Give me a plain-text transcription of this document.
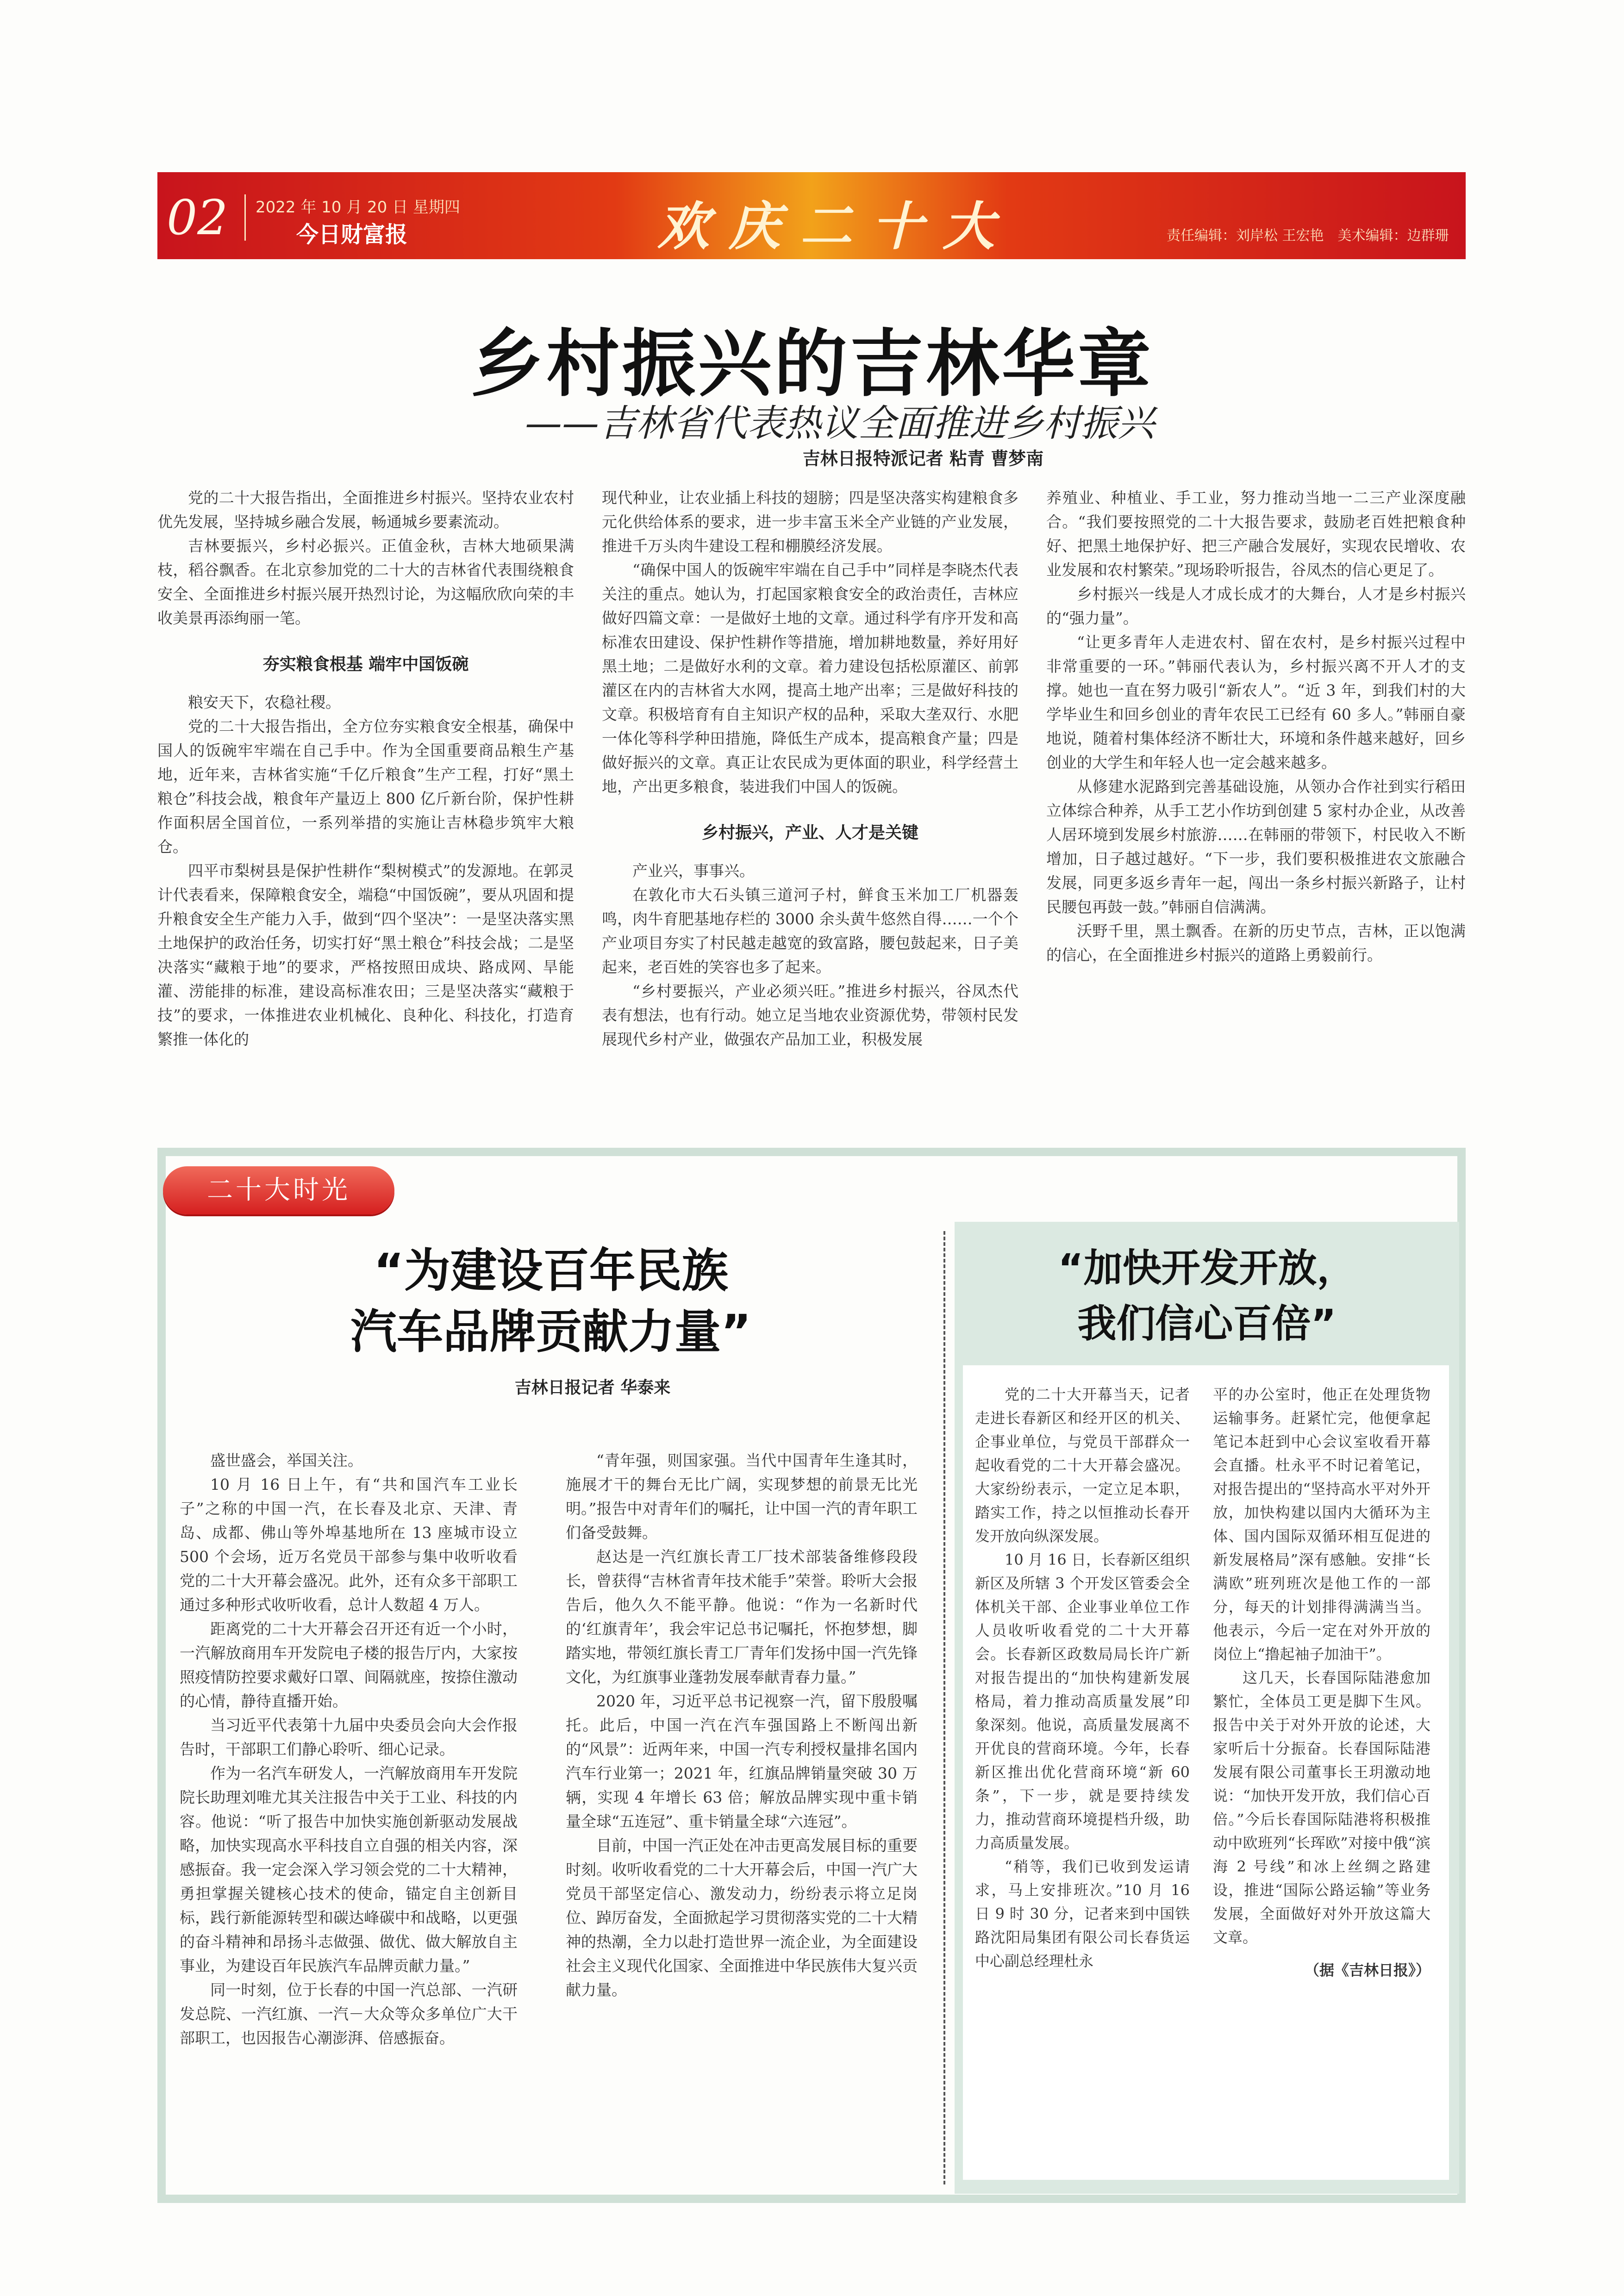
02 2022 年 10 月 20 日 星期四
今日财富报	欢庆二十大	责任编辑：刘岸松 王宏艳　美术编辑：边群珊
乡村振兴的吉林华章
——吉林省代表热议全面推进乡村振兴
吉林日报特派记者 粘青 曹梦南

党的二十大报告指出，全面推进乡村振兴。坚持农业农村优先发展，坚持城乡融合发展，畅通城乡要素流动。

吉林要振兴，乡村必振兴。正值金秋，吉林大地硕果满枝，稻谷飘香。在北京参加党的二十大的吉林省代表围绕粮食安全、全面推进乡村振兴展开热烈讨论，为这幅欣欣向荣的丰收美景再添绚丽一笔。

夯实粮食根基 端牢中国饭碗

粮安天下，农稳社稷。

党的二十大报告指出，全方位夯实粮食安全根基，确保中国人的饭碗牢牢端在自己手中。作为全国重要商品粮生产基地，近年来，吉林省实施“千亿斤粮食”生产工程，打好“黑土粮仓”科技会战，粮食年产量迈上 800 亿斤新台阶，保护性耕作面积居全国首位，一系列举措的实施让吉林稳步筑牢大粮仓。

四平市梨树县是保护性耕作“梨树模式”的发源地。在郭灵计代表看来，保障粮食安全，端稳“中国饭碗”，要从巩固和提升粮食安全生产能力入手，做到“四个坚决”：一是坚决落实黑土地保护的政治任务，切实打好“黑土粮仓”科技会战；二是坚决落实“藏粮于地”的要求，严格按照田成块、路成网、旱能灌、涝能排的标准，建设高标准农田；三是坚决落实“藏粮于技”的要求，一体推进农业机械化、良种化、科技化，打造育繁推一体化的

现代种业，让农业插上科技的翅膀；四是坚决落实构建粮食多元化供给体系的要求，进一步丰富玉米全产业链的产业发展，推进千万头肉牛建设工程和棚膜经济发展。

“确保中国人的饭碗牢牢端在自己手中”同样是李晓杰代表关注的重点。她认为，打起国家粮食安全的政治责任，吉林应做好四篇文章：一是做好土地的文章。通过科学有序开发和高标准农田建设、保护性耕作等措施，增加耕地数量，养好用好黑土地；二是做好水利的文章。着力建设包括松原灌区、前郭灌区在内的吉林省大水网，提高土地产出率；三是做好科技的文章。积极培育有自主知识产权的品种，采取大垄双行、水肥一体化等科学种田措施，降低生产成本，提高粮食产量；四是做好振兴的文章。真正让农民成为更体面的职业，科学经营土地，产出更多粮食，装进我们中国人的饭碗。

乡村振兴，产业、人才是关键

产业兴，事事兴。

在敦化市大石头镇三道河子村，鲜食玉米加工厂机器轰鸣，肉牛育肥基地存栏的 3000 余头黄牛悠然自得……一个个产业项目夯实了村民越走越宽的致富路，腰包鼓起来，日子美起来，老百姓的笑容也多了起来。

“乡村要振兴，产业必须兴旺。”推进乡村振兴，谷凤杰代表有想法，也有行动。她立足当地农业资源优势，带领村民发展现代乡村产业，做强农产品加工业，积极发展

养殖业、种植业、手工业，努力推动当地一二三产业深度融合。“我们要按照党的二十大报告要求，鼓励老百姓把粮食种好、把黑土地保护好、把三产融合发展好，实现农民增收、农业发展和农村繁荣。”现场聆听报告，谷凤杰的信心更足了。

乡村振兴一线是人才成长成才的大舞台，人才是乡村振兴的“强力量”。

“让更多青年人走进农村、留在农村，是乡村振兴过程中非常重要的一环。”韩丽代表认为，乡村振兴离不开人才的支撑。她也一直在努力吸引“新农人”。“近 3 年，到我们村的大学毕业生和回乡创业的青年农民工已经有 60 多人。”韩丽自豪地说，随着村集体经济不断壮大，环境和条件越来越好，回乡创业的大学生和年轻人也一定会越来越多。

从修建水泥路到完善基础设施，从领办合作社到实行稻田立体综合种养，从手工艺小作坊到创建 5 家村办企业，从改善人居环境到发展乡村旅游……在韩丽的带领下，村民收入不断增加，日子越过越好。“下一步，我们要积极推进农文旅融合发展，同更多返乡青年一起，闯出一条乡村振兴新路子，让村民腰包再鼓一鼓。”韩丽自信满满。

沃野千里，黑土飘香。在新的历史节点，吉林，正以饱满的信心，在全面推进乡村振兴的道路上勇毅前行。

二十大时光
“为建设百年民族
汽车品牌贡献力量”
吉林日报记者 华泰来

盛世盛会，举国关注。

10 月 16 日上午，有“共和国汽车工业长子”之称的中国一汽，在长春及北京、天津、青岛、成都、佛山等外埠基地所在 13 座城市设立 500 个会场，近万名党员干部参与集中收听收看党的二十大开幕会盛况。此外，还有众多干部职工通过多种形式收听收看，总计人数超 4 万人。

距离党的二十大开幕会召开还有近一个小时，一汽解放商用车开发院电子楼的报告厅内，大家按照疫情防控要求戴好口罩、间隔就座，按捺住激动的心情，静待直播开始。

当习近平代表第十九届中央委员会向大会作报告时，干部职工们静心聆听、细心记录。

作为一名汽车研发人，一汽解放商用车开发院院长助理刘唯尤其关注报告中关于工业、科技的内容。他说：“听了报告中加快实施创新驱动发展战略，加快实现高水平科技自立自强的相关内容，深感振奋。我一定会深入学习领会党的二十大精神，勇担掌握关键核心技术的使命，锚定自主创新目标，践行新能源转型和碳达峰碳中和战略，以更强的奋斗精神和昂扬斗志做强、做优、做大解放自主事业，为建设百年民族汽车品牌贡献力量。”

同一时刻，位于长春的中国一汽总部、一汽研发总院、一汽红旗、一汽－大众等众多单位广大干部职工，也因报告心潮澎湃、倍感振奋。

“青年强，则国家强。当代中国青年生逢其时，施展才干的舞台无比广阔，实现梦想的前景无比光明。”报告中对青年们的嘱托，让中国一汽的青年职工们备受鼓舞。

赵达是一汽红旗长青工厂技术部装备维修段段长，曾获得“吉林省青年技术能手”荣誉。聆听大会报告后，他久久不能平静。他说：“作为一名新时代的‘红旗青年’，我会牢记总书记嘱托，怀抱梦想，脚踏实地，带领红旗长青工厂青年们发扬中国一汽先锋文化，为红旗事业蓬勃发展奉献青春力量。”

2020 年，习近平总书记视察一汽，留下殷殷嘱托。此后，中国一汽在汽车强国路上不断闯出新的“风景”：近两年来，中国一汽专利授权量排名国内汽车行业第一；2021 年，红旗品牌销量突破 30 万辆，实现 4 年增长 63 倍；解放品牌实现中重卡销量全球“五连冠”、重卡销量全球“六连冠”。

目前，中国一汽正处在冲击更高发展目标的重要时刻。收听收看党的二十大开幕会后，中国一汽广大党员干部坚定信心、激发动力，纷纷表示将立足岗位、踔厉奋发，全面掀起学习贯彻落实党的二十大精神的热潮，全力以赴打造世界一流企业，为全面建设社会主义现代化国家、全面推进中华民族伟大复兴贡献力量。

“加快开发开放，
我们信心百倍”

党的二十大开幕当天，记者走进长春新区和经开区的机关、企事业单位，与党员干部群众一起收看党的二十大开幕会盛况。大家纷纷表示，一定立足本职，踏实工作，持之以恒推动长春开发开放向纵深发展。

10 月 16 日，长春新区组织新区及所辖 3 个开发区管委会全体机关干部、企业事业单位工作人员收听收看党的二十大开幕会。长春新区政数局局长许广新对报告提出的“加快构建新发展格局，着力推动高质量发展”印象深刻。他说，高质量发展离不开优良的营商环境。今年，长春新区推出优化营商环境“新 60 条”，下一步，就是要持续发力，推动营商环境提档升级，助力高质量发展。

“稍等，我们已收到发运请求，马上安排班次。”10 月 16 日 9 时 30 分，记者来到中国铁路沈阳局集团有限公司长春货运中心副总经理杜永

平的办公室时，他正在处理货物运输事务。赶紧忙完，他便拿起笔记本赶到中心会议室收看开幕会直播。杜永平不时记着笔记，对报告提出的“坚持高水平对外开放，加快构建以国内大循环为主体、国内国际双循环相互促进的新发展格局”深有感触。安排“长满欧”班列班次是他工作的一部分，每天的计划排得满满当当。他表示，今后一定在对外开放的岗位上“撸起袖子加油干”。

这几天，长春国际陆港愈加繁忙，全体员工更是脚下生风。报告中关于对外开放的论述，大家听后十分振奋。长春国际陆港发展有限公司董事长王玥激动地说：“加快开发开放，我们信心百倍。”今后长春国际陆港将积极推动中欧班列“长珲欧”对接中俄“滨海 2 号线”和冰上丝绸之路建设，推进“国际公路运输”等业务发展，全面做好对外开放这篇大文章。

（据《吉林日报》）
